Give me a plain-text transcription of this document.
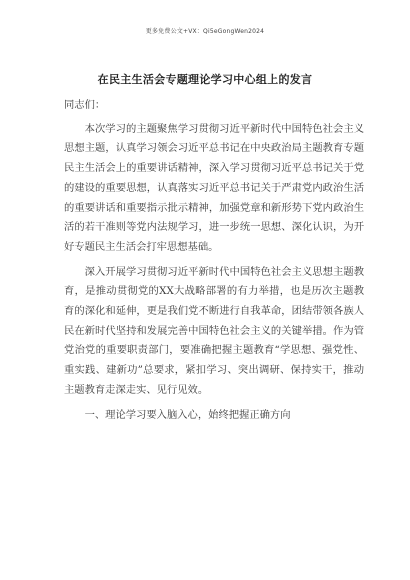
更多免费公文+VX：Qi5eGongWen2024
在民主生活会专题理论学习中心组上的发言

同志们：

本次学习的主题聚焦学习贯彻习近平新时代中国特色社会主义思想主题，认真学习领会习近平总书记在中央政治局主题教育专题民主生活会上的重要讲话精神，深入学习贯彻习近平总书记关于党的建设的重要思想，认真落实习近平总书记关于严肃党内政治生活的重要讲话和重要指示批示精神，加强党章和新形势下党内政治生活的若干准则等党内法规学习，进一步统一思想、深化认识，为开好专题民主生活会打牢思想基础。

深入开展学习贯彻习近平新时代中国特色社会主义思想主题教育，是推动贯彻党的XX大战略部署的有力举措，也是历次主题教育的深化和延伸，更是我们党不断进行自我革命，团结带领各族人民在新时代坚持和发展完善中国特色社会主义的关键举措。作为管党治党的重要职责部门，要准确把握主题教育“学思想、强党性、重实践、建新功”总要求，紧扣学习、突出调研、保持实干，推动主题教育走深走实、见行见效。

一、理论学习要入脑入心，始终把握正确方向
